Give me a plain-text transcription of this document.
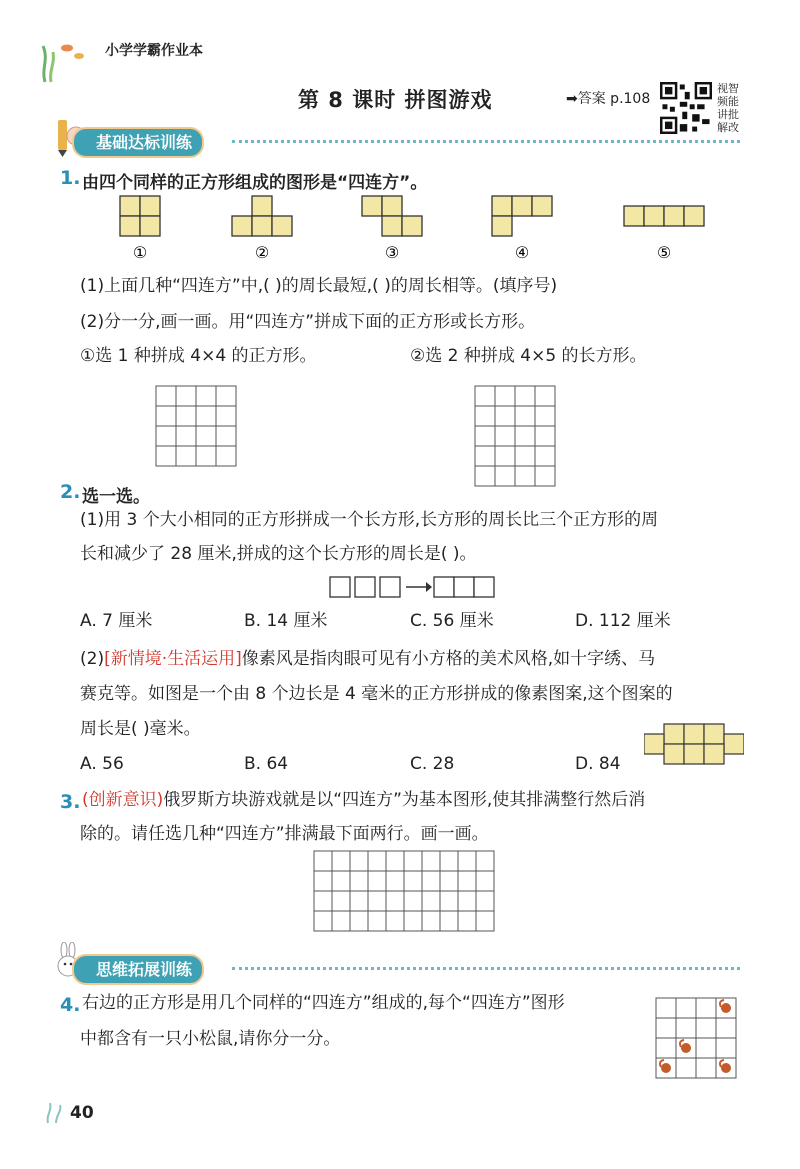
小学学霸作业本
第 8 课时 拼图游戏	➡答案 p.108
视智
频能
讲批
解改
基础达标训练
1. 由四个同样的正方形组成的图形是“四连方”。
①	②	③	④	⑤
(1)上面几种“四连方”中,( )的周长最短,( )的周长相等。(填序号)
(2)分一分,画一画。用“四连方”拼成下面的正方形或长方形。
①选 1 种拼成 4×4 的正方形。	②选 2 种拼成 4×5 的长方形。
2. 选一选。
(1)用 3 个大小相同的正方形拼成一个长方形,长方形的周长比三个正方形的周
长和减少了 28 厘米,拼成的这个长方形的周长是( )。
A. 7 厘米	B. 14 厘米	C. 56 厘米	D. 112 厘米
(2)[新情境·生活运用]像素风是指肉眼可见有小方格的美术风格,如十字绣、马
赛克等。如图是一个由 8 个边长是 4 毫米的正方形拼成的像素图案,这个图案的
周长是( )毫米。
A. 56	B. 64	C. 28	D. 84
3. (创新意识)俄罗斯方块游戏就是以“四连方”为基本图形,使其排满整行然后消
除的。请任选几种“四连方”排满最下面两行。画一画。
思维拓展训练
4. 右边的正方形是用几个同样的“四连方”组成的,每个“四连方”图形
中都含有一只小松鼠,请你分一分。
40
